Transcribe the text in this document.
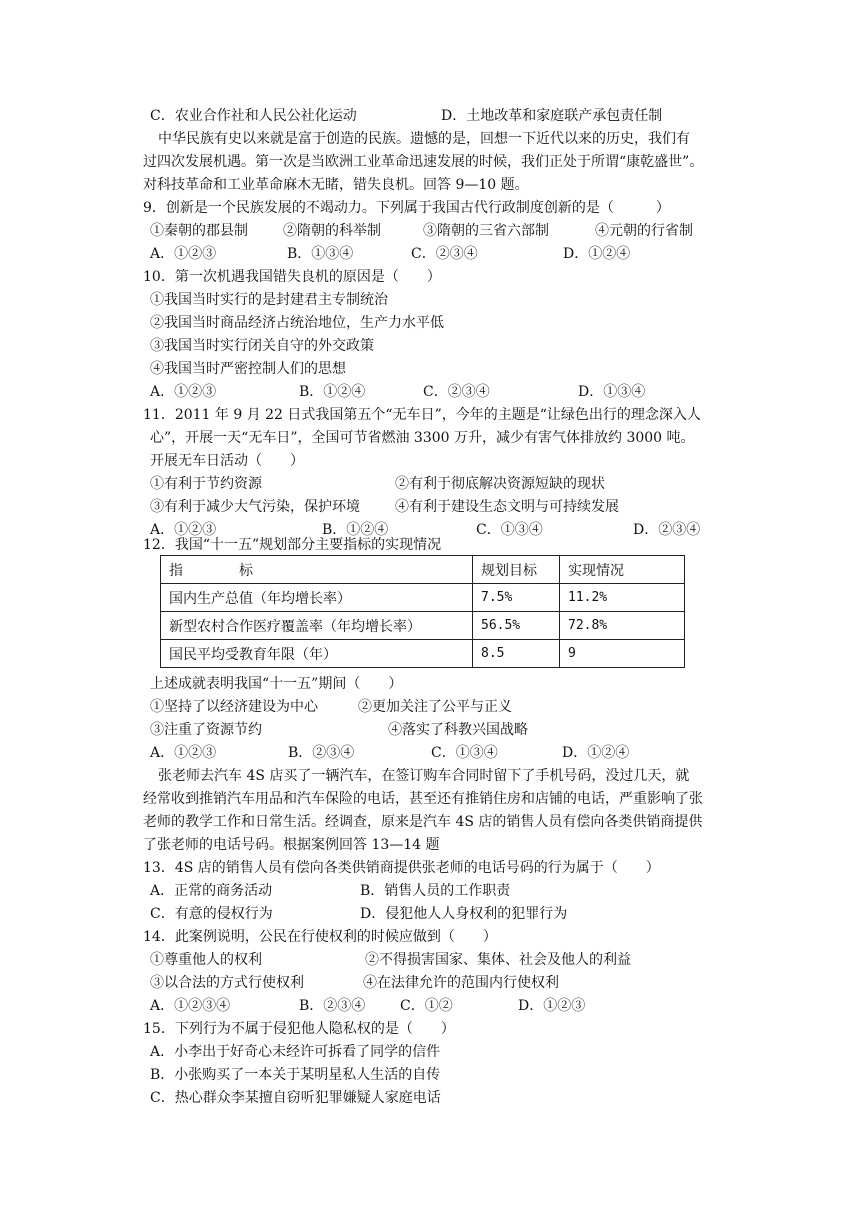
C．农业合作社和人民公社化运动	D．土地改革和家庭联产承包责任制
中华民族有史以来就是富于创造的民族。遗憾的是，回想一下近代以来的历史，我们有
过四次发展机遇。第一次是当欧洲工业革命迅速发展的时候，我们正处于所谓“康乾盛世”。
对科技革命和工业革命麻木无睹，错失良机。回答 9—10 题。
9．创新是一个民族发展的不竭动力。下列属于我国古代行政制度创新的是（　　　）
①秦朝的郡县制	②隋朝的科举制	③隋朝的三省六部制	④元朝的行省制
A．①②③	B．①③④	C．②③④	D．①②④
10．第一次机遇我国错失良机的原因是（　　）
①我国当时实行的是封建君主专制统治
②我国当时商品经济占统治地位，生产力水平低
③我国当时实行闭关自守的外交政策
④我国当时严密控制人们的思想
A．①②③	B．①②④	C．②③④	D．①③④
11．2011 年 9 月 22 日式我国第五个“无车日”，今年的主题是“让绿色出行的理念深入人
心”，开展一天“无车日”，全国可节省燃油 3300 万升，减少有害气体排放约 3000 吨。
开展无车日活动（　　）
①有利于节约资源	②有利于彻底解决资源短缺的现状
③有利于减少大气污染，保护环境	④有利于建设生态文明与可持续发展
A．①②③	B．①②④	C．①③④	D．②③④
12．我国“十一五”规划部分主要指标的实现情况
指 标	规划目标	实现情况
国内生产总值（年均增长率）	7.5%	11.2%
新型农村合作医疗覆盖率（年均增长率）	56.5%	72.8%
国民平均受教育年限（年）	8.5	9
上述成就表明我国“十一五”期间（　　）
①坚持了以经济建设为中心	②更加关注了公平与正义
③注重了资源节约	④落实了科教兴国战略
A．①②③	B．②③④	C．①③④	D．①②④
张老师去汽车 4S 店买了一辆汽车，在签订购车合同时留下了手机号码，没过几天，就
经常收到推销汽车用品和汽车保险的电话，甚至还有推销住房和店铺的电话，严重影响了张
老师的教学工作和日常生活。经调查，原来是汽车 4S 店的销售人员有偿向各类供销商提供
了张老师的电话号码。根据案例回答 13—14 题
13．4S 店的销售人员有偿向各类供销商提供张老师的电话号码的行为属于（　　）
A．正常的商务活动	B．销售人员的工作职责
C．有意的侵权行为	D．侵犯他人人身权利的犯罪行为
14．此案例说明，公民在行使权利的时候应做到（　　）
①尊重他人的权利	②不得损害国家、集体、社会及他人的利益
③以合法的方式行使权利	④在法律允许的范围内行使权利
A．①②③④	B．②③④ C．①②	D．①②③
15．下列行为不属于侵犯他人隐私权的是（　　）
A．小李出于好奇心未经许可拆看了同学的信件
B．小张购买了一本关于某明星私人生活的自传
C．热心群众李某擅自窃听犯罪嫌疑人家庭电话
